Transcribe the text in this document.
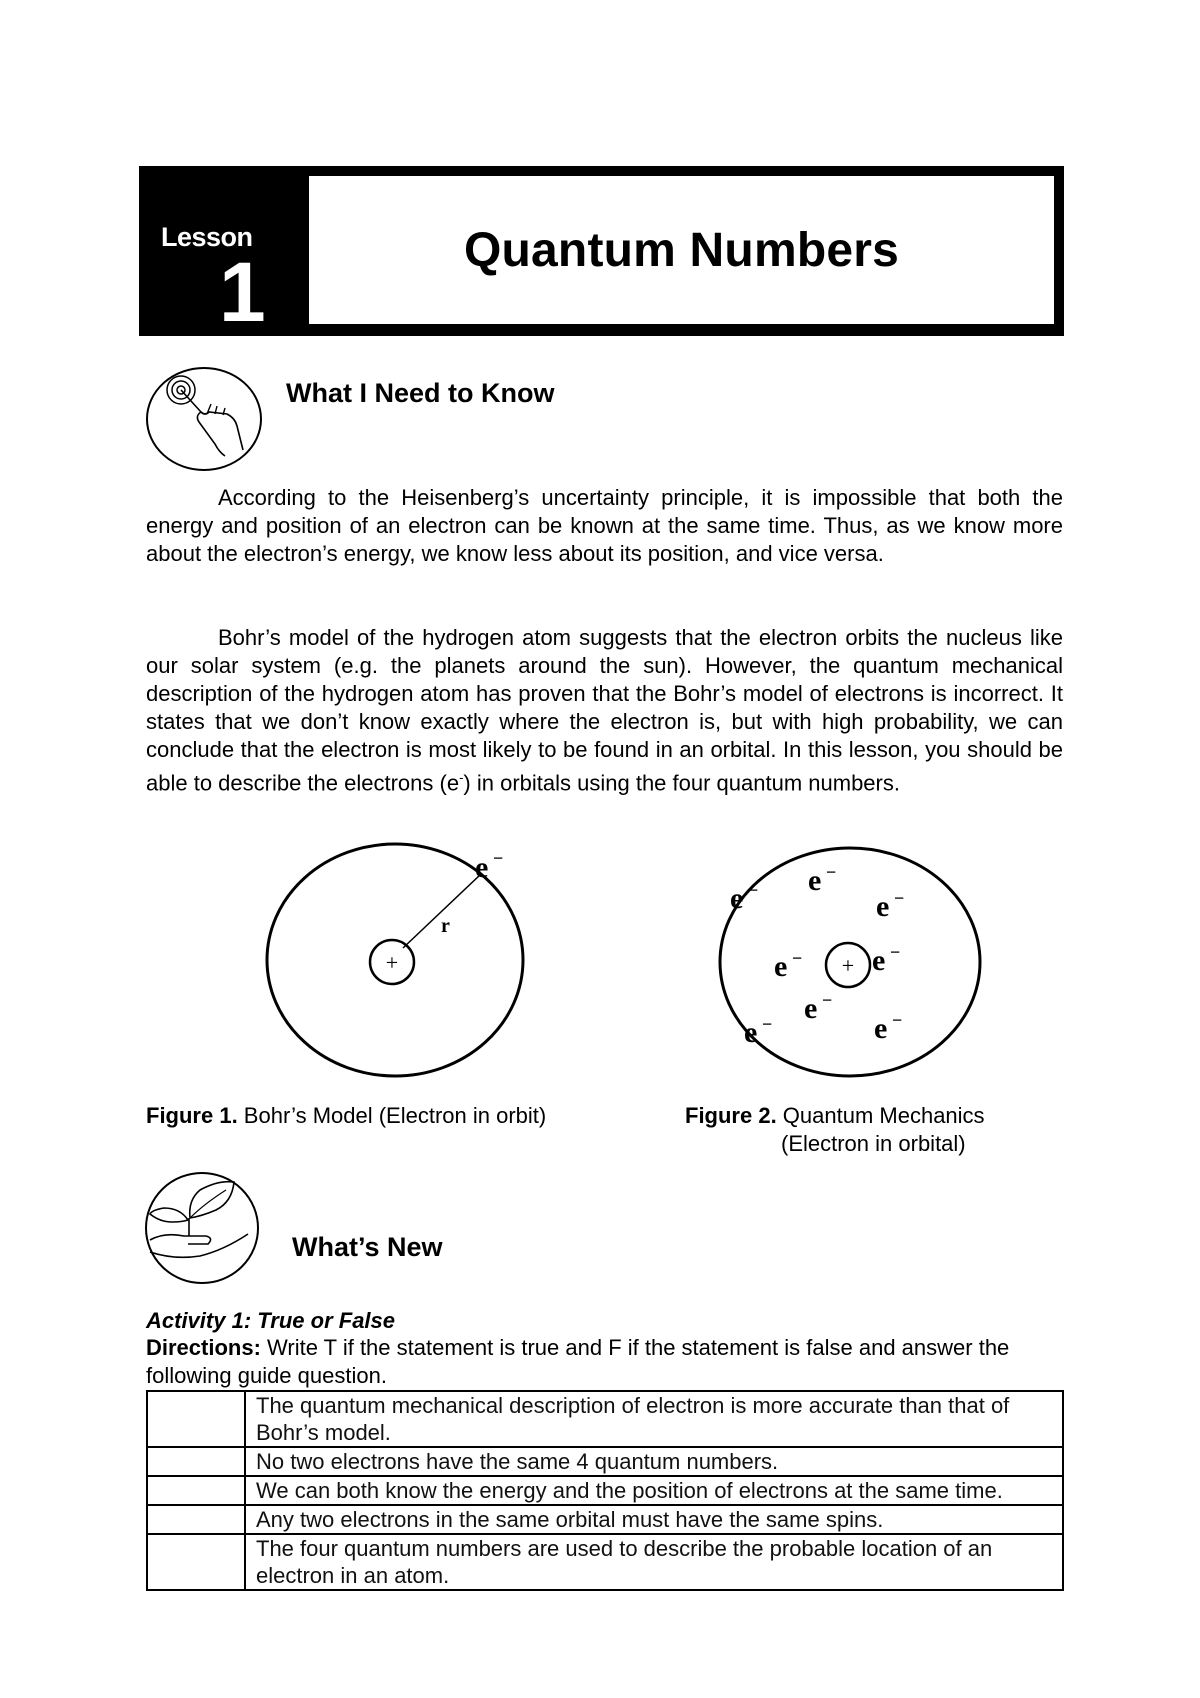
Lesson
1	Quantum Numbers
What I Need to Know
According to the Heisenberg’s uncertainty principle, it is impossible that both the energy and position of an electron can be known at the same time. Thus, as we know more about the electron’s energy, we know less about its position, and vice versa.
Bohr’s model of the hydrogen atom suggests that the electron orbits the nucleus like our solar system (e.g. the planets around the sun). However, the quantum mechanical description of the hydrogen atom has proven that the Bohr’s model of electrons is incorrect. It states that we don’t know exactly where the electron is, but with high probability, we can conclude that the electron is most likely to be found in an orbital. In this lesson, you should be able to describe the electrons (e-) in orbitals using the four quantum numbers.
+
r
e −
+
e − e −
e −
e − e −
e −
e −
e −
Figure 1. Bohr’s Model (Electron in orbit)	Figure 2. Quantum Mechanics
(Electron in orbital)
What’s New
Activity 1: True or False
Directions: Write T if the statement is true and F if the statement is false and answer the following guide question.
	The quantum mechanical description of electron is more accurate than that of Bohr’s model.
	No two electrons have the same 4 quantum numbers.
	We can both know the energy and the position of electrons at the same time.
	Any two electrons in the same orbital must have the same spins.
	The four quantum numbers are used to describe the probable location of an electron in an atom.
